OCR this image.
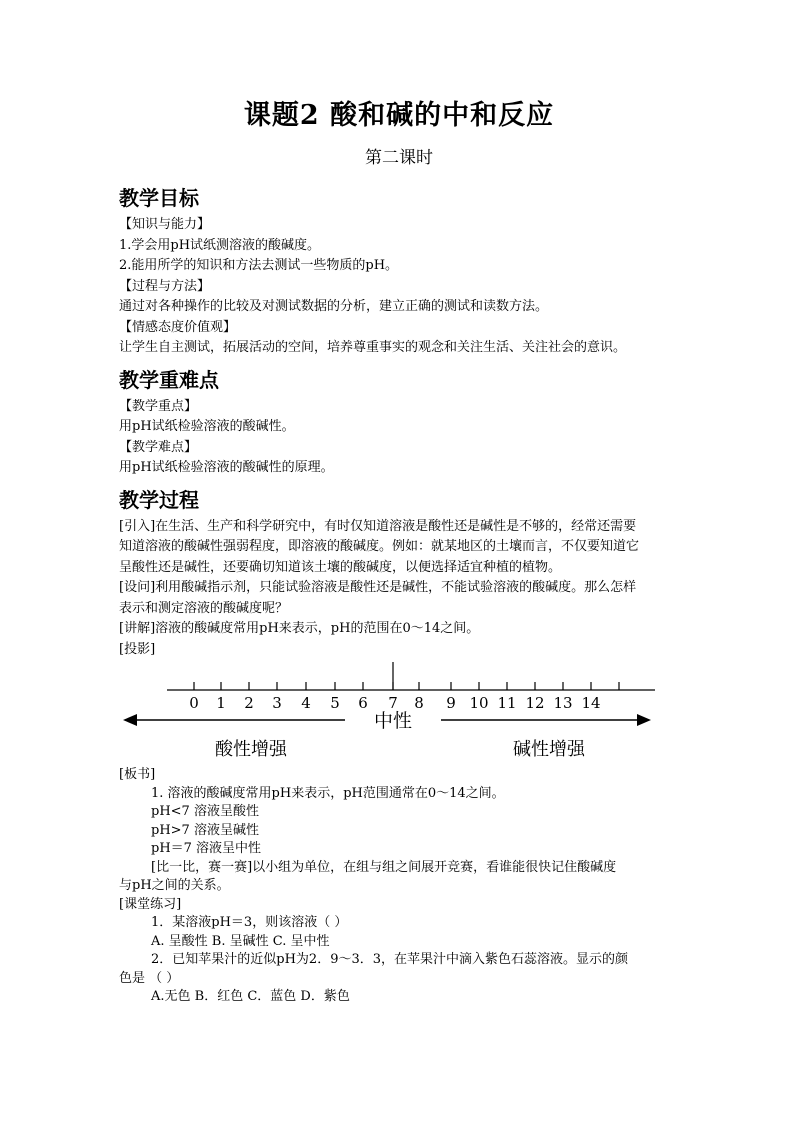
课题2 酸和碱的中和反应
第二课时
教学目标
【知识与能力】
1.学会用pH试纸测溶液的酸碱度。
2.能用所学的知识和方法去测试一些物质的pH。
【过程与方法】
通过对各种操作的比较及对测试数据的分析，建立正确的测试和读数方法。
【情感态度价值观】
让学生自主测试，拓展活动的空间，培养尊重事实的观念和关注生活、关注社会的意识。
教学重难点
【教学重点】
用pH试纸检验溶液的酸碱性。
【教学难点】
用pH试纸检验溶液的酸碱性的原理。
教学过程
[引入]在生活、生产和科学研究中，有时仅知道溶液是酸性还是碱性是不够的，经常还需要
知道溶液的酸碱性强弱程度，即溶液的酸碱度。例如：就某地区的土壤而言，不仅要知道它
呈酸性还是碱性，还要确切知道该土壤的酸碱度，以便选择适宜种植的植物。
[设问]利用酸碱指示剂，只能试验溶液是酸性还是碱性，不能试验溶液的酸碱度。那么怎样
表示和测定溶液的酸碱度呢？
[讲解]溶液的酸碱度常用pH来表示，pH的范围在0～14之间。
[投影]
0 1 2 3 4 5 6 7 8 9 10 11 12 13 14
中性
酸性增强	碱性增强
[板书]
1. 溶液的酸碱度常用pH来表示，pH范围通常在0～14之间。
pH<7 溶液呈酸性
pH>7 溶液呈碱性
pH＝7 溶液呈中性
[比一比，赛一赛]以小组为单位，在组与组之间展开竞赛，看谁能很快记住酸碱度
与pH之间的关系。
[课堂练习]
1．某溶液pH＝3，则该溶液（ ）
A. 呈酸性 B. 呈碱性 C. 呈中性
2．已知苹果汁的近似pH为2．9～3．3，在苹果汁中滴入紫色石蕊溶液。显示的颜
色是 （ ）
A.无色 B．红色 C．蓝色 D．紫色
